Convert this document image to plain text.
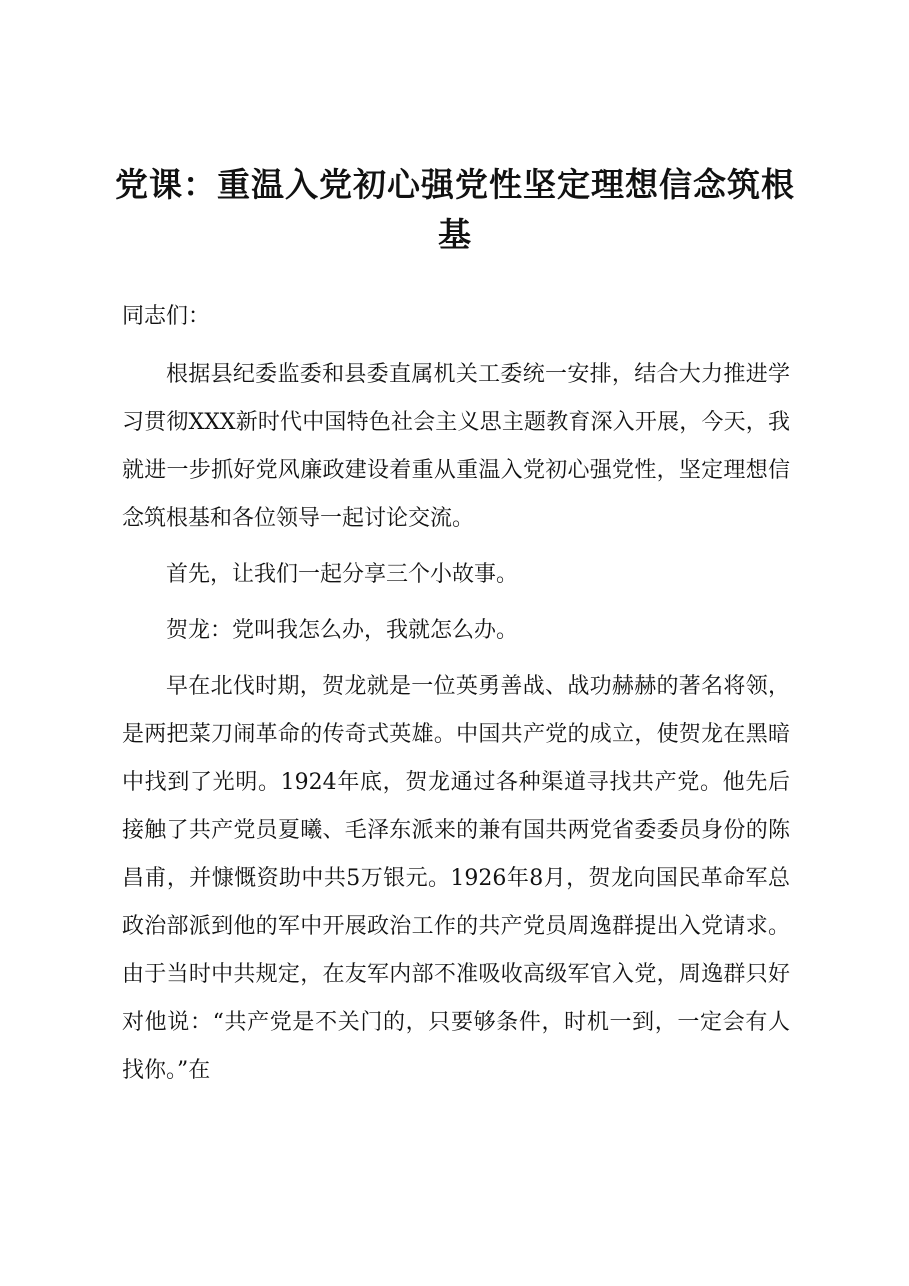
党课：重温入党初心强党性坚定理想信念筑根基

同志们：

根据县纪委监委和县委直属机关工委统一安排，结合大力推进学习贯彻XXX新时代中国特色社会主义思主题教育深入开展，今天，我就进一步抓好党风廉政建设着重从重温入党初心强党性，坚定理想信念筑根基和各位领导一起讨论交流。

首先，让我们一起分享三个小故事。

贺龙：党叫我怎么办，我就怎么办。

早在北伐时期，贺龙就是一位英勇善战、战功赫赫的著名将领，是两把菜刀闹革命的传奇式英雄。中国共产党的成立，使贺龙在黑暗中找到了光明。1924年底，贺龙通过各种渠道寻找共产党。他先后接触了共产党员夏曦、毛泽东派来的兼有国共两党省委委员身份的陈昌甫，并慷慨资助中共5万银元。1926年8月，贺龙向国民革命军总政治部派到他的军中开展政治工作的共产党员周逸群提出入党请求。由于当时中共规定，在友军内部不准吸收高级军官入党，周逸群只好对他说：“共产党是不关门的，只要够条件，时机一到，一定会有人找你。”在
